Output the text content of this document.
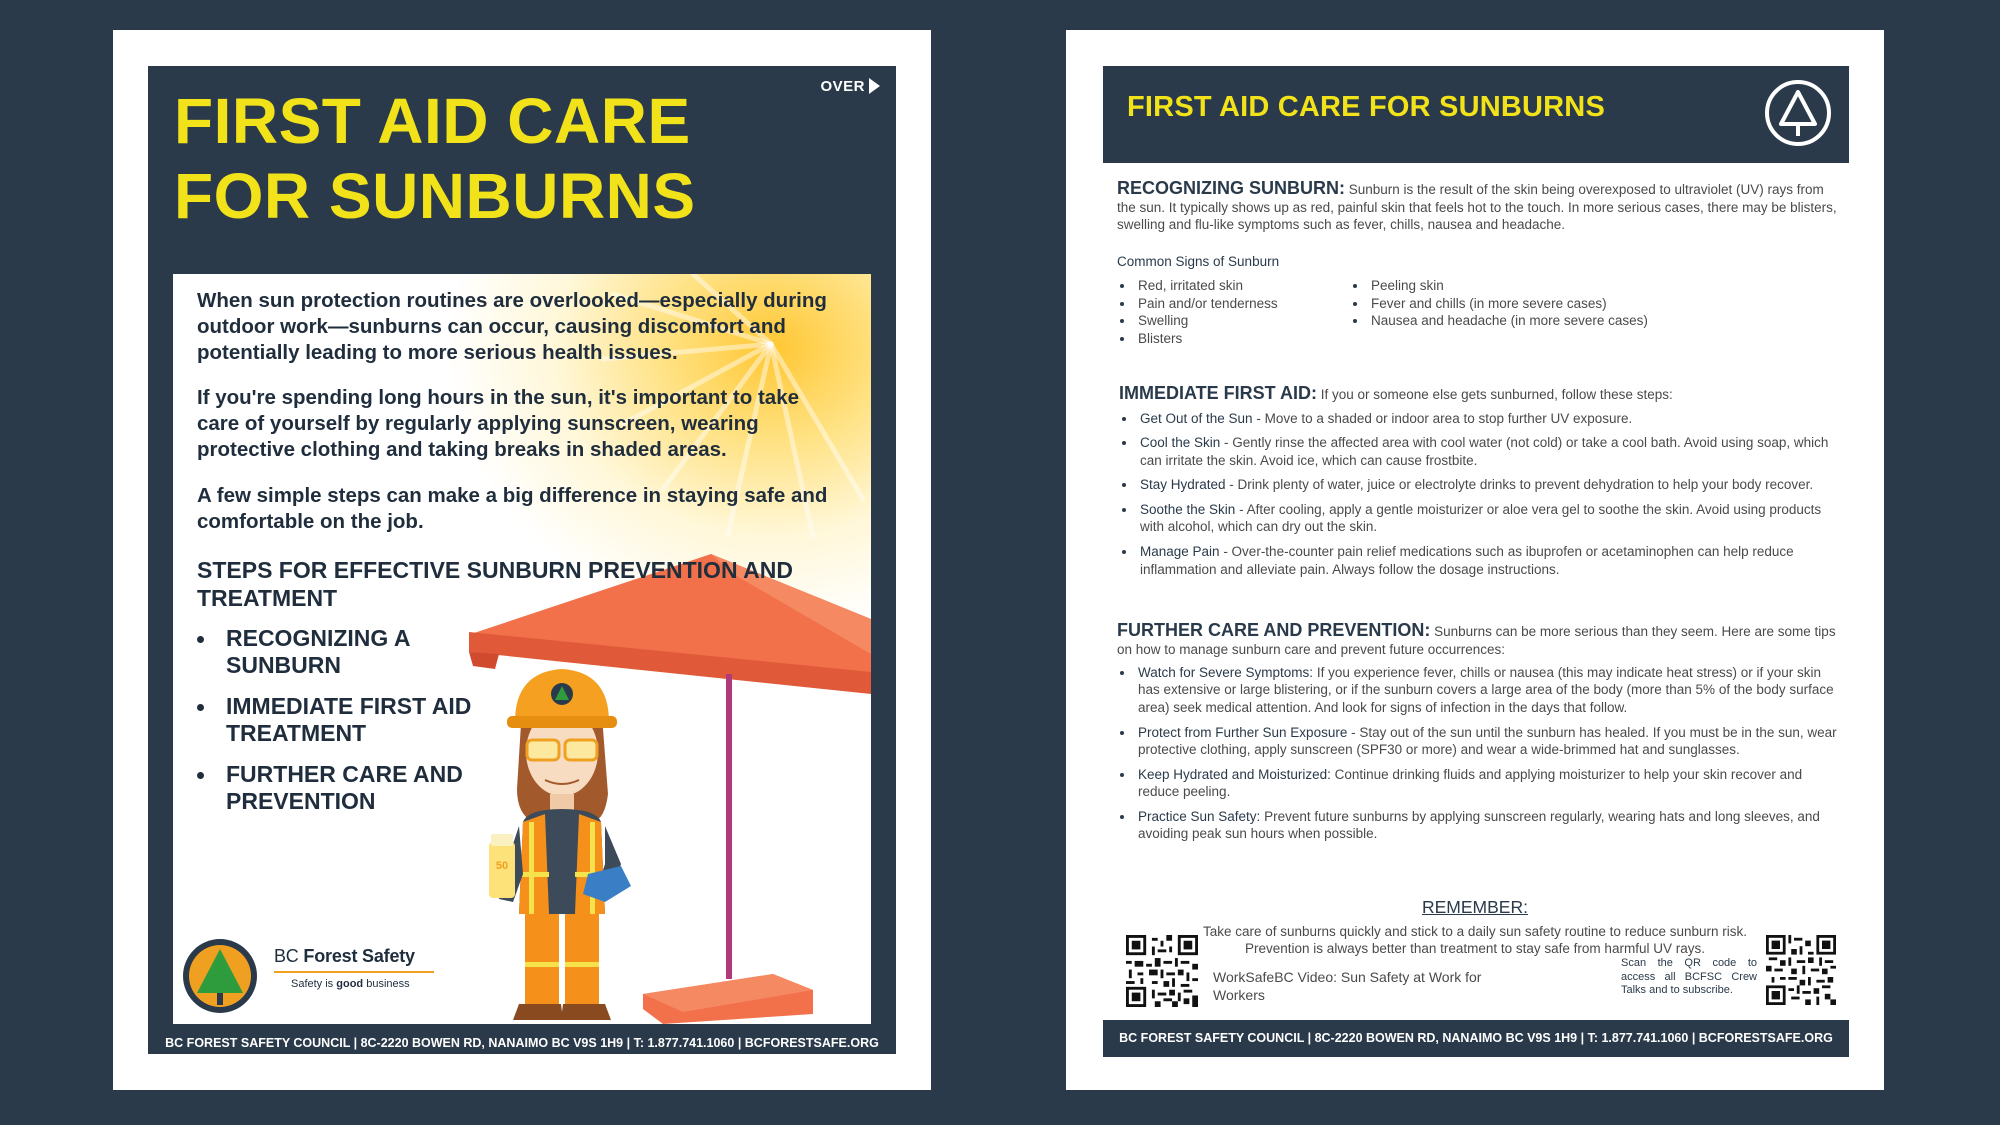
OVER
FIRST AID CARE
FOR SUNBURNS
When sun protection routines are overlooked—especially during outdoor work—sunburns can occur, causing discomfort and potentially leading to more serious health issues.
If you're spending long hours in the sun, it's important to take care of yourself by regularly applying sunscreen, wearing protective clothing and taking breaks in shaded areas.
A few simple steps can make a big difference in staying safe and comfortable on the job.
50
STEPS FOR EFFECTIVE SUNBURN PREVENTION AND TREATMENT
RECOGNIZING A SUNBURN
IMMEDIATE FIRST AID TREATMENT
FURTHER CARE AND PREVENTION
BC Forest Safety
Safety is good business
BC FOREST SAFETY COUNCIL | 8C-2220 BOWEN RD, NANAIMO BC V9S 1H9 | T: 1.877.741.1060 | BCFORESTSAFE.ORG
FIRST AID CARE FOR SUNBURNS
RECOGNIZING SUNBURN: Sunburn is the result of the skin being overexposed to ultraviolet (UV) rays from the sun. It typically shows up as red, painful skin that feels hot to the touch. In more serious cases, there may be blisters, swelling and flu-like symptoms such as fever, chills, nausea and headache.
Common Signs of Sunburn
Red, irritated skin
Pain and/or tenderness
Swelling
Blisters
Peeling skin
Fever and chills (in more severe cases)
Nausea and headache (in more severe cases)
IMMEDIATE FIRST AID: If you or someone else gets sunburned, follow these steps:
Get Out of the Sun - Move to a shaded or indoor area to stop further UV exposure.
Cool the Skin - Gently rinse the affected area with cool water (not cold) or take a cool bath. Avoid using soap, which can irritate the skin. Avoid ice, which can cause frostbite.
Stay Hydrated - Drink plenty of water, juice or electrolyte drinks to prevent dehydration to help your body recover.
Soothe the Skin - After cooling, apply a gentle moisturizer or aloe vera gel to soothe the skin. Avoid using products with alcohol, which can dry out the skin.
Manage Pain - Over-the-counter pain relief medications such as ibuprofen or acetaminophen can help reduce inflammation and alleviate pain. Always follow the dosage instructions.
FURTHER CARE AND PREVENTION: Sunburns can be more serious than they seem. Here are some tips on how to manage sunburn care and prevent future occurrences:
Watch for Severe Symptoms: If you experience fever, chills or nausea (this may indicate heat stress) or if your skin has extensive or large blistering, or if the sunburn covers a large area of the body (more than 5% of the body surface area) seek medical attention. And look for signs of infection in the days that follow.
Protect from Further Sun Exposure - Stay out of the sun until the sunburn has healed. If you must be in the sun, wear protective clothing, apply sunscreen (SPF30 or more) and wear a wide-brimmed hat and sunglasses.
Keep Hydrated and Moisturized: Continue drinking fluids and applying moisturizer to help your skin recover and reduce peeling.
Practice Sun Safety: Prevent future sunburns by applying sunscreen regularly, wearing hats and long sleeves, and avoiding peak sun hours when possible.
REMEMBER:
Take care of sunburns quickly and stick to a daily sun safety routine to reduce sunburn risk. Prevention is always better than treatment to stay safe from harmful UV rays.
WorkSafeBC Video: Sun Safety at Work for Workers
Scan the QR code to access all BCFSC Crew Talks and to subscribe.
BC FOREST SAFETY COUNCIL | 8C-2220 BOWEN RD, NANAIMO BC V9S 1H9 | T: 1.877.741.1060 | BCFORESTSAFE.ORG
